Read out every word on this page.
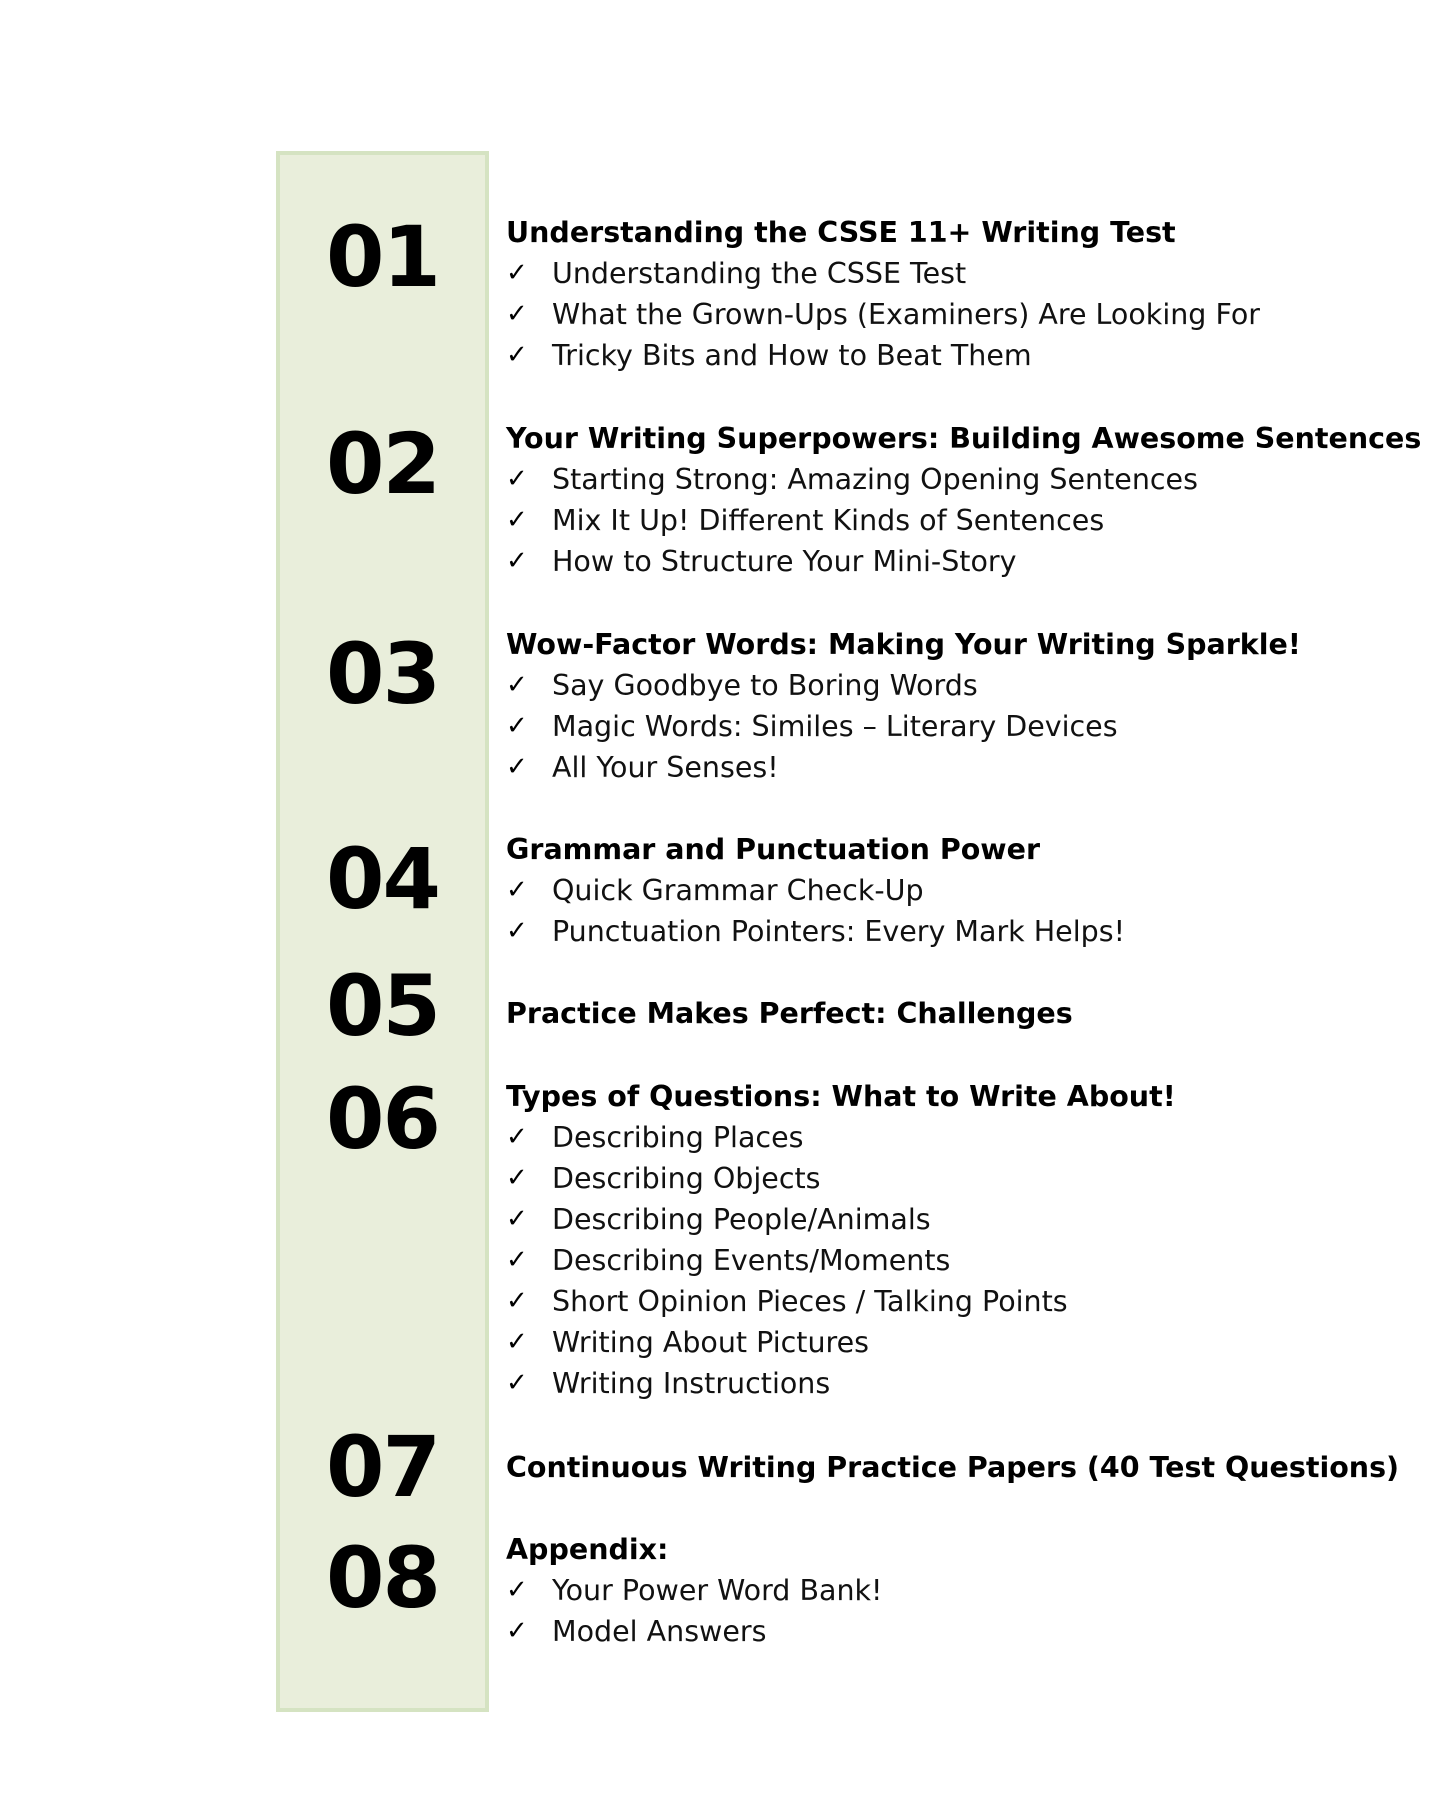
01	Understanding the CSSE 11+ Writing Test
✓ Understanding the CSSE Test
✓ What the Grown-Ups (Examiners) Are Looking For
✓ Tricky Bits and How to Beat Them
02	Your Writing Superpowers: Building Awesome Sentences
✓ Starting Strong: Amazing Opening Sentences
✓ Mix It Up! Different Kinds of Sentences
✓ How to Structure Your Mini-Story
03	Wow-Factor Words: Making Your Writing Sparkle!
✓ Say Goodbye to Boring Words
✓ Magic Words: Similes – Literary Devices
✓ All Your Senses!
04	Grammar and Punctuation Power
✓ Quick Grammar Check-Up
✓ Punctuation Pointers: Every Mark Helps!
05	Practice Makes Perfect: Challenges
06	Types of Questions: What to Write About!
✓ Describing Places
✓ Describing Objects
✓ Describing People/Animals
✓ Describing Events/Moments
✓ Short Opinion Pieces / Talking Points
✓ Writing About Pictures
✓ Writing Instructions
07	Continuous Writing Practice Papers (40 Test Questions)
08	Appendix:
✓ Your Power Word Bank!
✓ Model Answers
